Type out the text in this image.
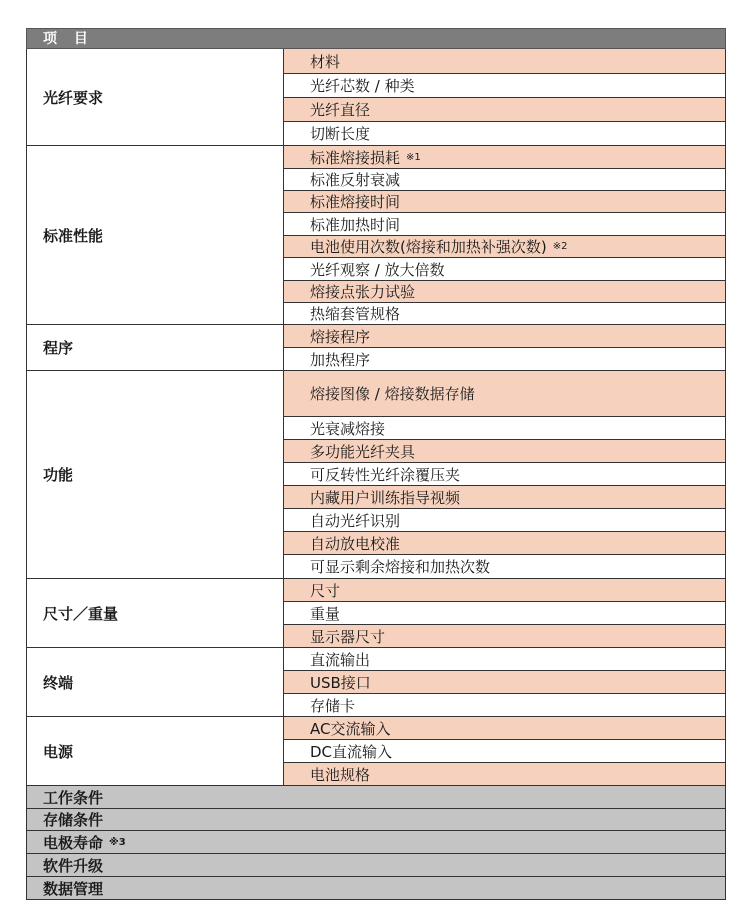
项 目
光纤要求
材料
光纤芯数 / 种类
光纤直径
切断长度
标准性能
标准熔接损耗 ※1
标准反射衰减
标准熔接时间
标准加热时间
电池使用次数(熔接和加热补强次数) ※2
光纤观察 / 放大倍数
熔接点张力试验
热缩套管规格
程序
熔接程序
加热程序
功能
熔接图像 / 熔接数据存储
光衰减熔接
多功能光纤夹具
可反转性光纤涂覆压夹
内藏用户训练指导视频
自动光纤识别
自动放电校准
可显示剩余熔接和加热次数
尺寸／重量
尺寸
重量
显示器尺寸
终端
直流输出
USB接口
存储卡
电源
AC交流输入
DC直流输入
电池规格
工作条件
存储条件
电极寿命 ※3
软件升级
数据管理
